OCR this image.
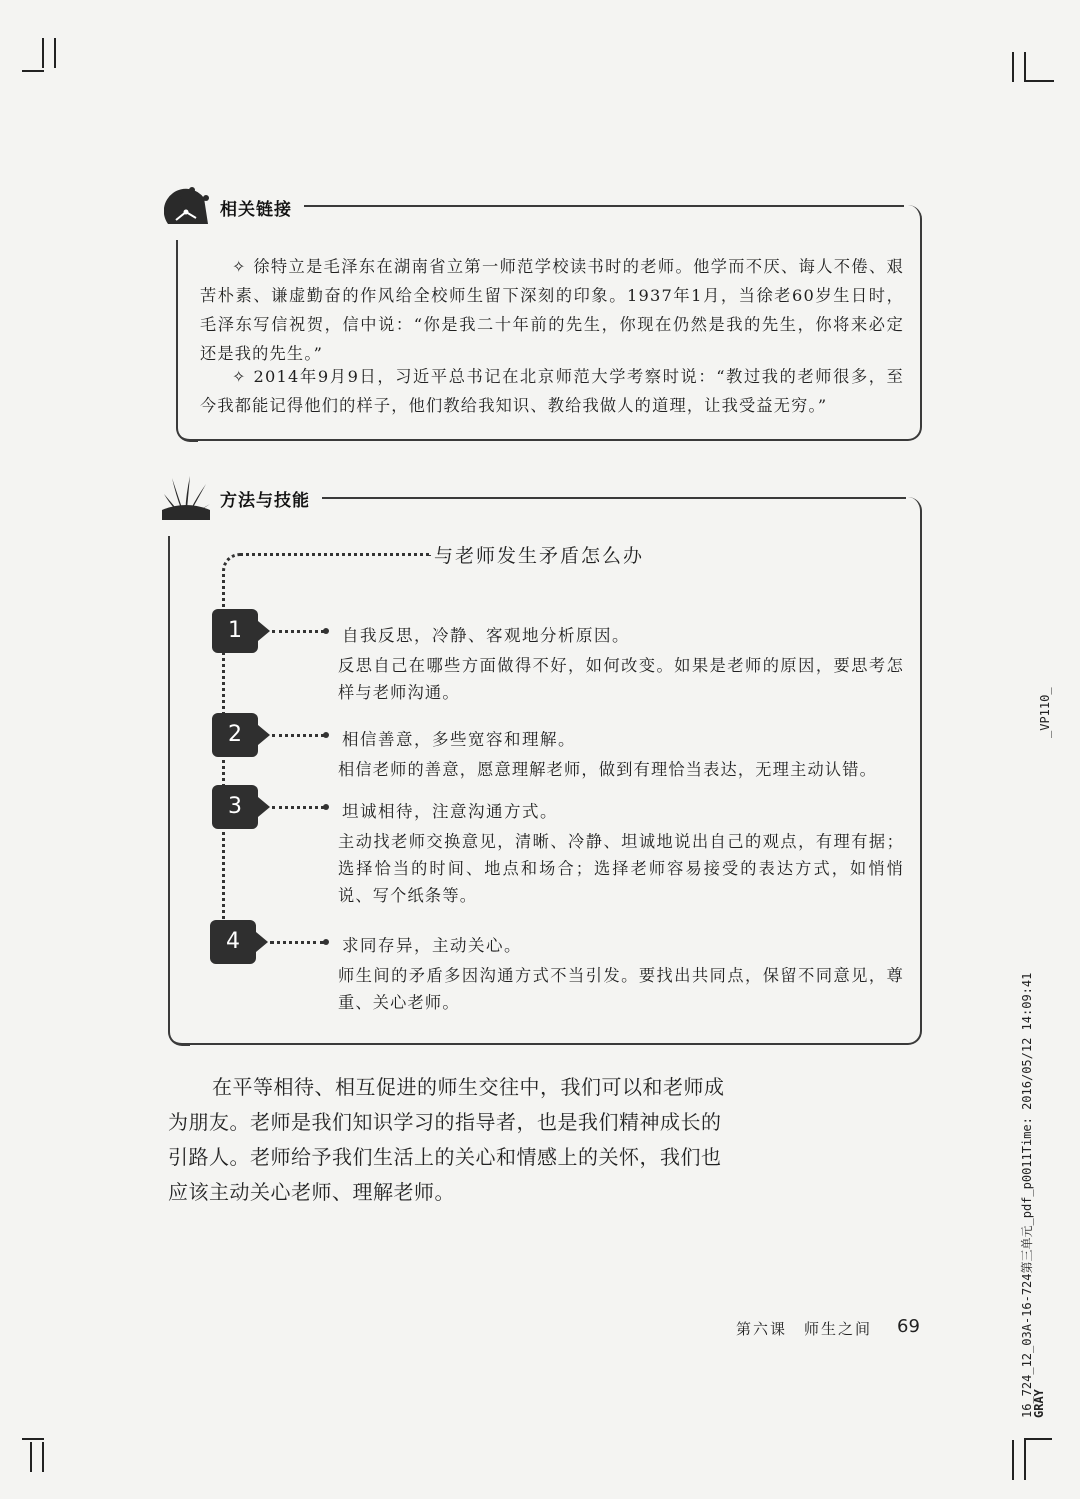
相关链接

✧ 徐特立是毛泽东在湖南省立第一师范学校读书时的老师。他学而不厌、诲人不倦、艰苦朴素、谦虚勤奋的作风给全校师生留下深刻的印象。1937年1月，当徐老60岁生日时，毛泽东写信祝贺，信中说：“你是我二十年前的先生，你现在仍然是我的先生，你将来必定还是我的先生。”

✧ 2014年9月9日，习近平总书记在北京师范大学考察时说：“教过我的老师很多，至今我都能记得他们的样子，他们教给我知识、教给我做人的道理，让我受益无穷。”

方法与技能
与老师发生矛盾怎么办
1	自我反思，冷静、客观地分析原因。

反思自己在哪些方面做得不好，如何改变。如果是老师的原因，要思考怎样与老师沟通。

2	相信善意，多些宽容和理解。

相信老师的善意，愿意理解老师，做到有理恰当表达，无理主动认错。

3	坦诚相待，注意沟通方式。

主动找老师交换意见，清晰、冷静、坦诚地说出自己的观点，有理有据；选择恰当的时间、地点和场合；选择老师容易接受的表达方式，如悄悄说、写个纸条等。

4	求同存异，主动关心。

师生间的矛盾多因沟通方式不当引发。要找出共同点，保留不同意见，尊重、关心老师。

在平等相待、相互促进的师生交往中，我们可以和老师成为朋友。老师是我们知识学习的指导者，也是我们精神成长的引路人。老师给予我们生活上的关心和情感上的关怀，我们也应该主动关心老师、理解老师。

第六课　师生之间 69
_VP110_
16_724_12_03A-16-724第三单元_pdf_p0011Time: 2016/05/12 14:09:41
GRAY
